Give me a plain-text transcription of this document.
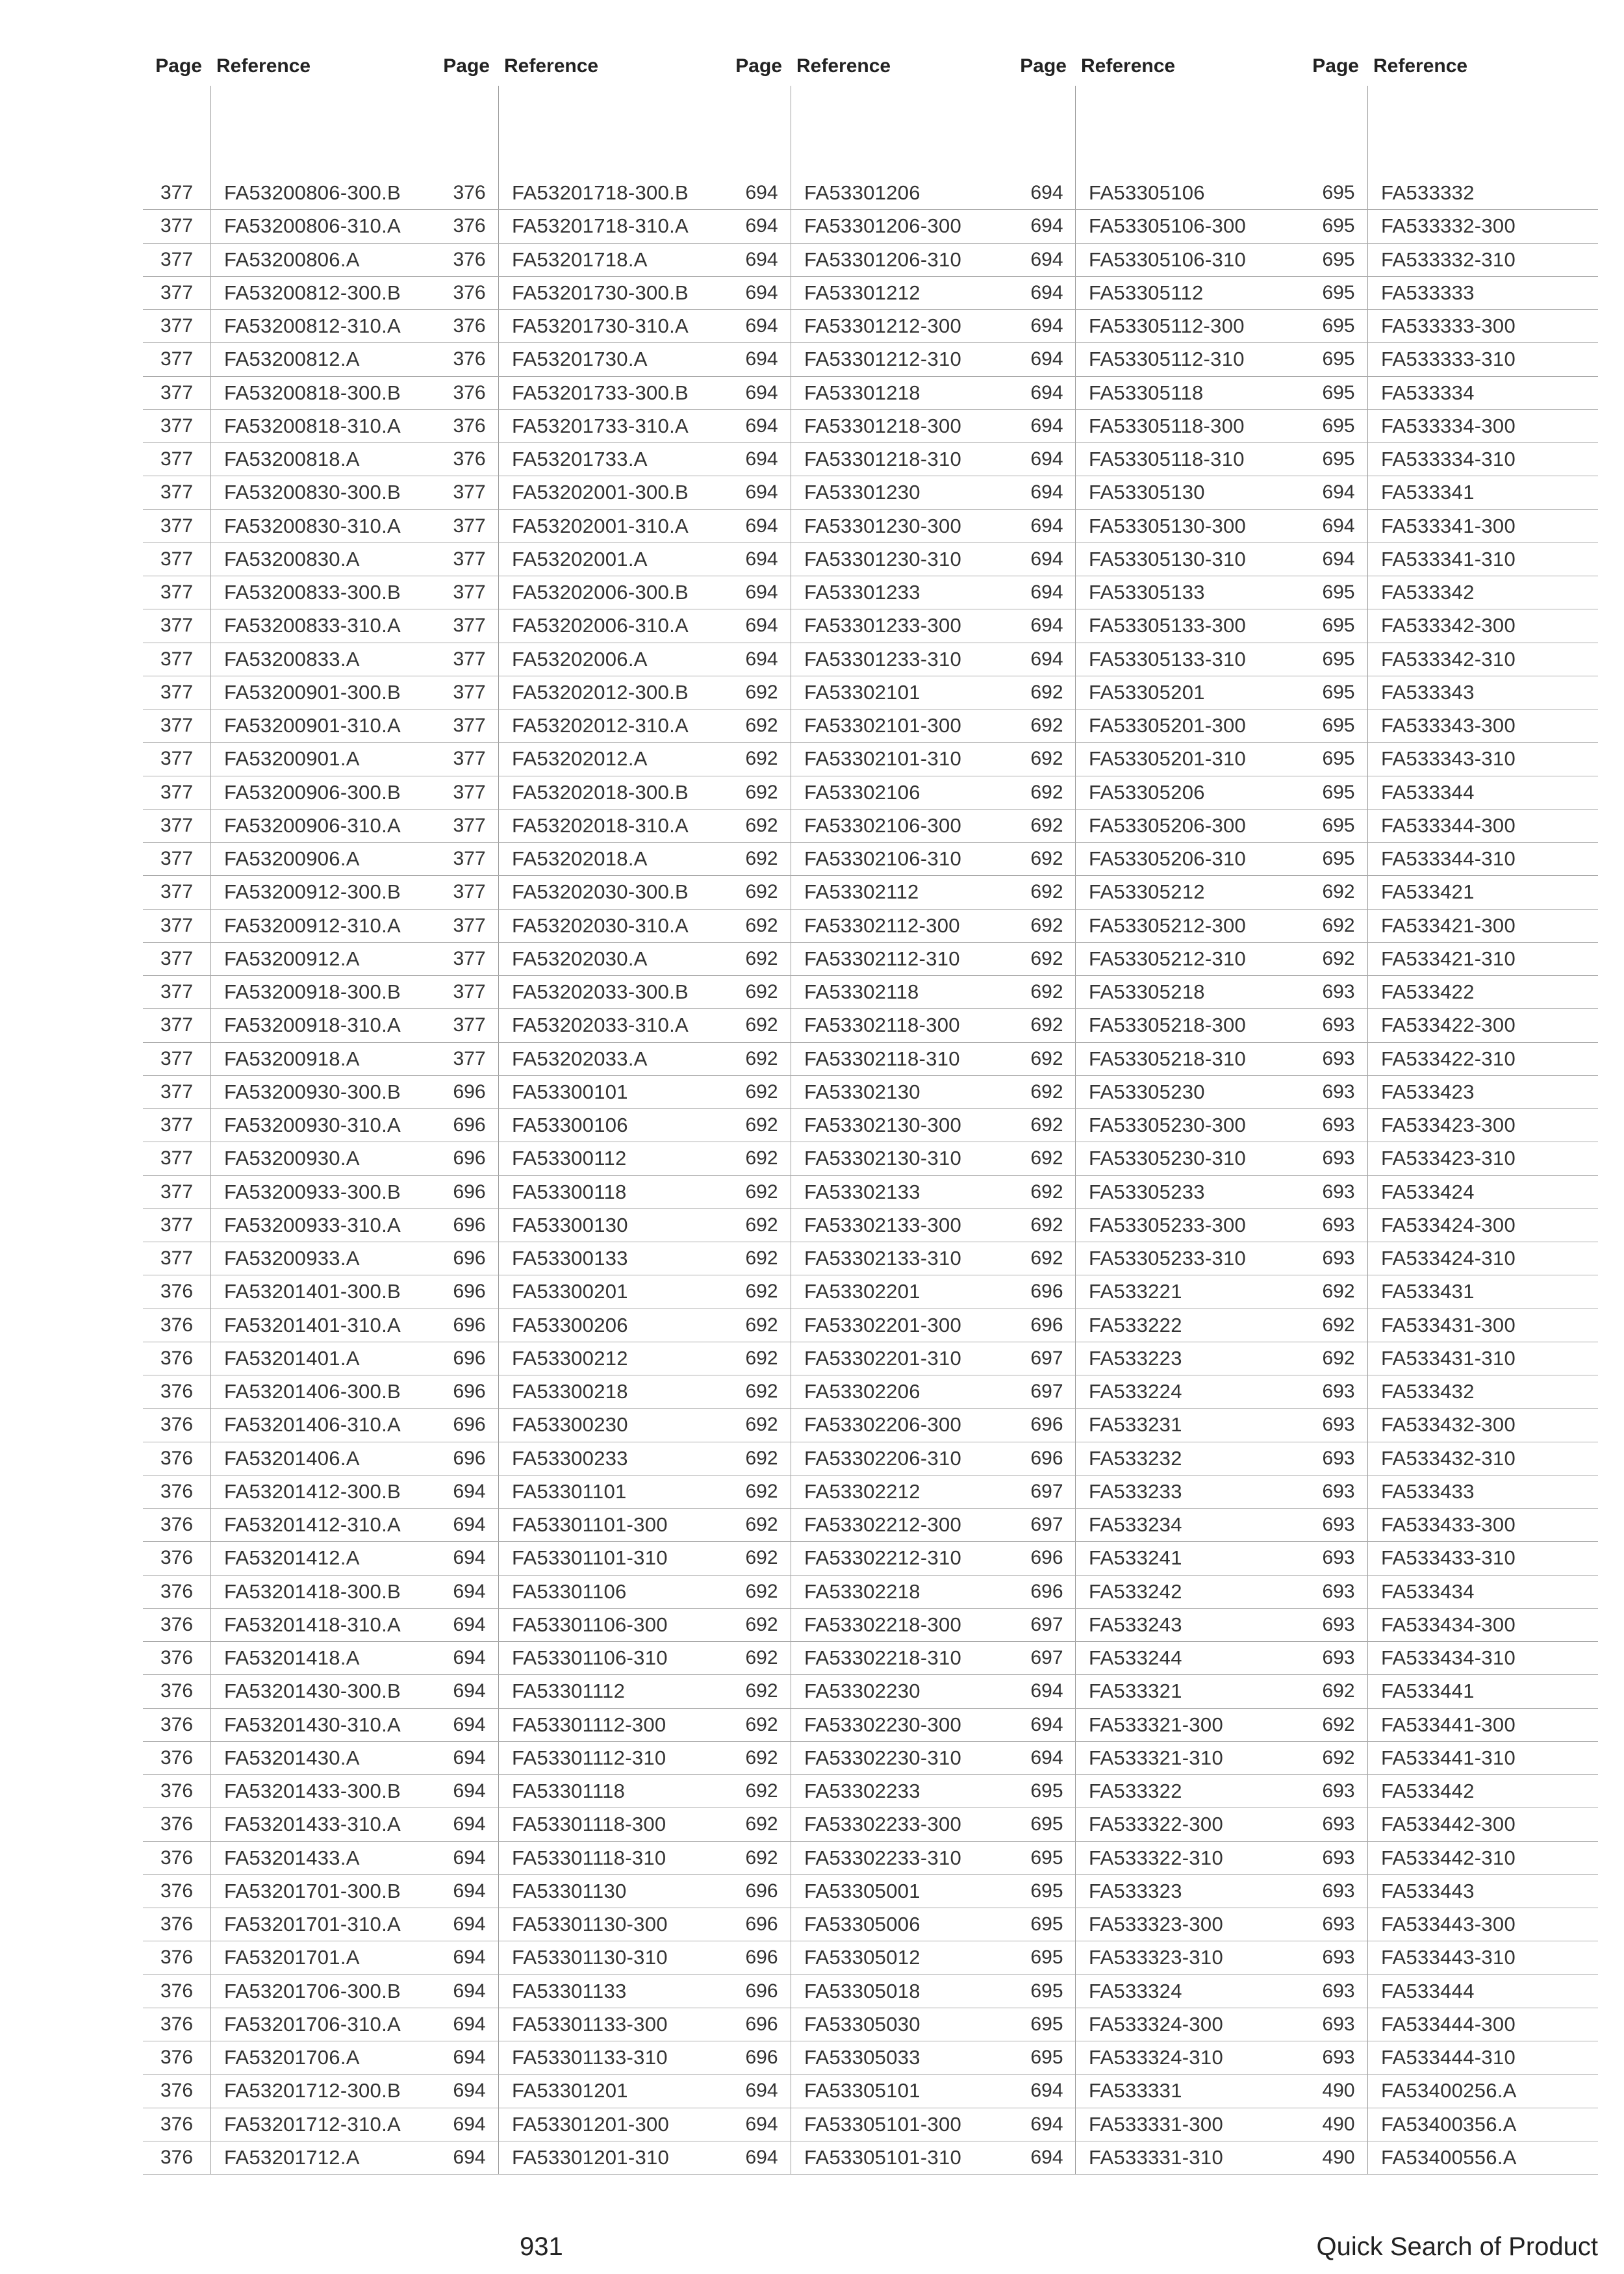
Page Reference	Page Reference	Page Reference	Page Reference	Page Reference
377	FA53200806-300.B	376	FA53201718-300.B	694	FA53301206	694	FA53305106	695	FA533332
377	FA53200806-310.A	376	FA53201718-310.A	694	FA53301206-300	694	FA53305106-300	695	FA533332-300
377	FA53200806.A	376	FA53201718.A	694	FA53301206-310	694	FA53305106-310	695	FA533332-310
377	FA53200812-300.B	376	FA53201730-300.B	694	FA53301212	694	FA53305112	695	FA533333
377	FA53200812-310.A	376	FA53201730-310.A	694	FA53301212-300	694	FA53305112-300	695	FA533333-300
377	FA53200812.A	376	FA53201730.A	694	FA53301212-310	694	FA53305112-310	695	FA533333-310
377	FA53200818-300.B	376	FA53201733-300.B	694	FA53301218	694	FA53305118	695	FA533334
377	FA53200818-310.A	376	FA53201733-310.A	694	FA53301218-300	694	FA53305118-300	695	FA533334-300
377	FA53200818.A	376	FA53201733.A	694	FA53301218-310	694	FA53305118-310	695	FA533334-310
377	FA53200830-300.B	377	FA53202001-300.B	694	FA53301230	694	FA53305130	694	FA533341
377	FA53200830-310.A	377	FA53202001-310.A	694	FA53301230-300	694	FA53305130-300	694	FA533341-300
377	FA53200830.A	377	FA53202001.A	694	FA53301230-310	694	FA53305130-310	694	FA533341-310
377	FA53200833-300.B	377	FA53202006-300.B	694	FA53301233	694	FA53305133	695	FA533342
377	FA53200833-310.A	377	FA53202006-310.A	694	FA53301233-300	694	FA53305133-300	695	FA533342-300
377	FA53200833.A	377	FA53202006.A	694	FA53301233-310	694	FA53305133-310	695	FA533342-310
377	FA53200901-300.B	377	FA53202012-300.B	692	FA53302101	692	FA53305201	695	FA533343
377	FA53200901-310.A	377	FA53202012-310.A	692	FA53302101-300	692	FA53305201-300	695	FA533343-300
377	FA53200901.A	377	FA53202012.A	692	FA53302101-310	692	FA53305201-310	695	FA533343-310
377	FA53200906-300.B	377	FA53202018-300.B	692	FA53302106	692	FA53305206	695	FA533344
377	FA53200906-310.A	377	FA53202018-310.A	692	FA53302106-300	692	FA53305206-300	695	FA533344-300
377	FA53200906.A	377	FA53202018.A	692	FA53302106-310	692	FA53305206-310	695	FA533344-310
377	FA53200912-300.B	377	FA53202030-300.B	692	FA53302112	692	FA53305212	692	FA533421
377	FA53200912-310.A	377	FA53202030-310.A	692	FA53302112-300	692	FA53305212-300	692	FA533421-300
377	FA53200912.A	377	FA53202030.A	692	FA53302112-310	692	FA53305212-310	692	FA533421-310
377	FA53200918-300.B	377	FA53202033-300.B	692	FA53302118	692	FA53305218	693	FA533422
377	FA53200918-310.A	377	FA53202033-310.A	692	FA53302118-300	692	FA53305218-300	693	FA533422-300
377	FA53200918.A	377	FA53202033.A	692	FA53302118-310	692	FA53305218-310	693	FA533422-310
377	FA53200930-300.B	696	FA53300101	692	FA53302130	692	FA53305230	693	FA533423
377	FA53200930-310.A	696	FA53300106	692	FA53302130-300	692	FA53305230-300	693	FA533423-300
377	FA53200930.A	696	FA53300112	692	FA53302130-310	692	FA53305230-310	693	FA533423-310
377	FA53200933-300.B	696	FA53300118	692	FA53302133	692	FA53305233	693	FA533424
377	FA53200933-310.A	696	FA53300130	692	FA53302133-300	692	FA53305233-300	693	FA533424-300
377	FA53200933.A	696	FA53300133	692	FA53302133-310	692	FA53305233-310	693	FA533424-310
376	FA53201401-300.B	696	FA53300201	692	FA53302201	696	FA533221	692	FA533431
376	FA53201401-310.A	696	FA53300206	692	FA53302201-300	696	FA533222	692	FA533431-300
376	FA53201401.A	696	FA53300212	692	FA53302201-310	697	FA533223	692	FA533431-310
376	FA53201406-300.B	696	FA53300218	692	FA53302206	697	FA533224	693	FA533432
376	FA53201406-310.A	696	FA53300230	692	FA53302206-300	696	FA533231	693	FA533432-300
376	FA53201406.A	696	FA53300233	692	FA53302206-310	696	FA533232	693	FA533432-310
376	FA53201412-300.B	694	FA53301101	692	FA53302212	697	FA533233	693	FA533433
376	FA53201412-310.A	694	FA53301101-300	692	FA53302212-300	697	FA533234	693	FA533433-300
376	FA53201412.A	694	FA53301101-310	692	FA53302212-310	696	FA533241	693	FA533433-310
376	FA53201418-300.B	694	FA53301106	692	FA53302218	696	FA533242	693	FA533434
376	FA53201418-310.A	694	FA53301106-300	692	FA53302218-300	697	FA533243	693	FA533434-300
376	FA53201418.A	694	FA53301106-310	692	FA53302218-310	697	FA533244	693	FA533434-310
376	FA53201430-300.B	694	FA53301112	692	FA53302230	694	FA533321	692	FA533441
376	FA53201430-310.A	694	FA53301112-300	692	FA53302230-300	694	FA533321-300	692	FA533441-300
376	FA53201430.A	694	FA53301112-310	692	FA53302230-310	694	FA533321-310	692	FA533441-310
376	FA53201433-300.B	694	FA53301118	692	FA53302233	695	FA533322	693	FA533442
376	FA53201433-310.A	694	FA53301118-300	692	FA53302233-300	695	FA533322-300	693	FA533442-300
376	FA53201433.A	694	FA53301118-310	692	FA53302233-310	695	FA533322-310	693	FA533442-310
376	FA53201701-300.B	694	FA53301130	696	FA53305001	695	FA533323	693	FA533443
376	FA53201701-310.A	694	FA53301130-300	696	FA53305006	695	FA533323-300	693	FA533443-300
376	FA53201701.A	694	FA53301130-310	696	FA53305012	695	FA533323-310	693	FA533443-310
376	FA53201706-300.B	694	FA53301133	696	FA53305018	695	FA533324	693	FA533444
376	FA53201706-310.A	694	FA53301133-300	696	FA53305030	695	FA533324-300	693	FA533444-300
376	FA53201706.A	694	FA53301133-310	696	FA53305033	695	FA533324-310	693	FA533444-310
376	FA53201712-300.B	694	FA53301201	694	FA53305101	694	FA533331	490	FA53400256.A
376	FA53201712-310.A	694	FA53301201-300	694	FA53305101-300	694	FA533331-300	490	FA53400356.A
376	FA53201712.A	694	FA53301201-310	694	FA53305101-310	694	FA533331-310	490	FA53400556.A
931	Quick Search of Product
